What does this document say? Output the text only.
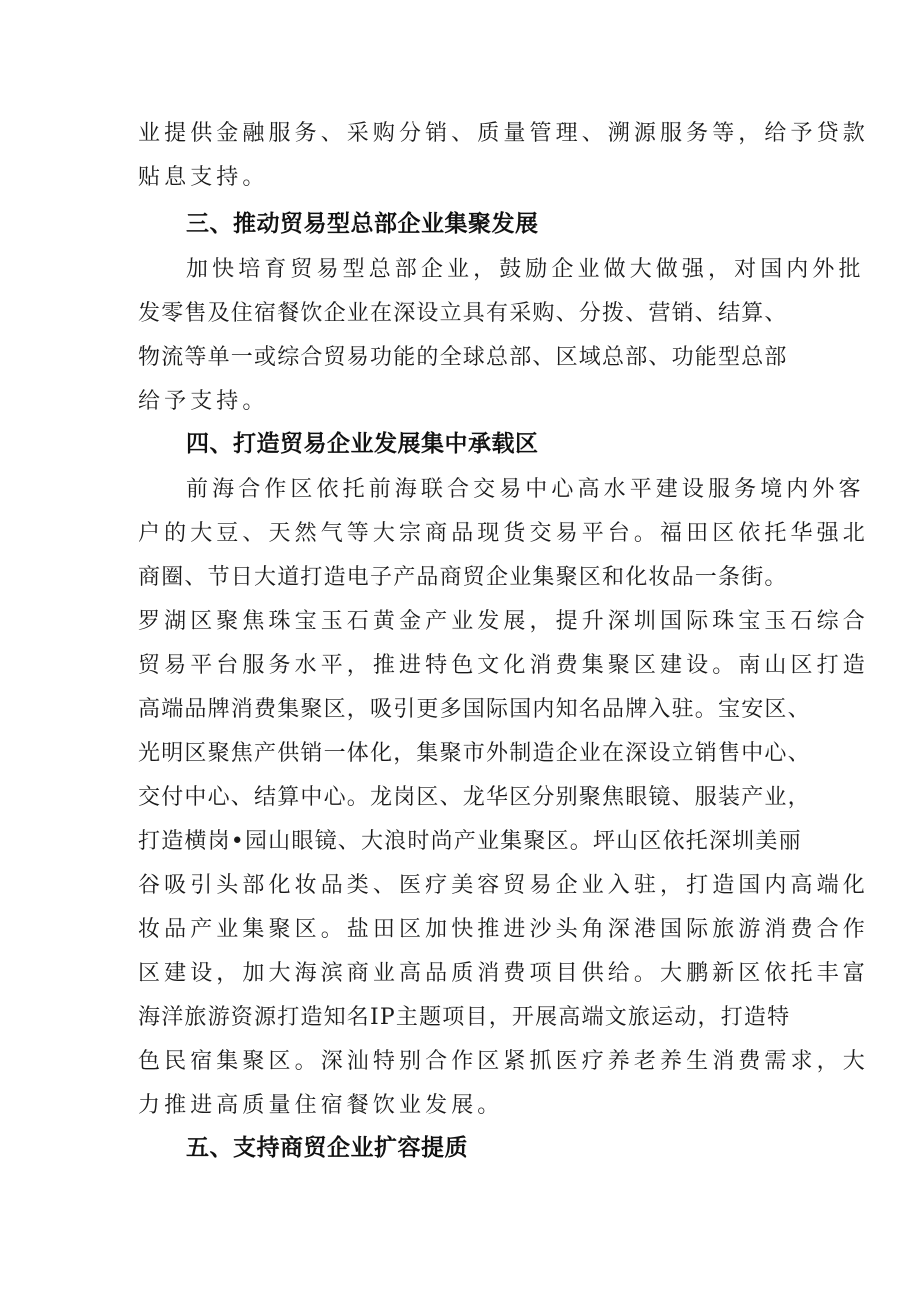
业提供金融服务、采购分销、质量管理、溯源服务等，给予贷款
贴息支持。
三、推动贸易型总部企业集聚发展
加快培育贸易型总部企业，鼓励企业做大做强，对国内外批
发零售及住宿餐饮企业在深设立具有采购、分拨、营销、结算、
物流等单一或综合贸易功能的全球总部、区域总部、功能型总部
给予支持。
四、打造贸易企业发展集中承载区
前海合作区依托前海联合交易中心高水平建设服务境内外客
户的大豆、天然气等大宗商品现货交易平台。福田区依托华强北
商圈、节日大道打造电子产品商贸企业集聚区和化妆品一条街。
罗湖区聚焦珠宝玉石黄金产业发展，提升深圳国际珠宝玉石综合
贸易平台服务水平，推进特色文化消费集聚区建设。南山区打造
高端品牌消费集聚区，吸引更多国际国内知名品牌入驻。宝安区、
光明区聚焦产供销一体化，集聚市外制造企业在深设立销售中心、
交付中心、结算中心。龙岗区、龙华区分别聚焦眼镜、服装产业，
打造横岗•园山眼镜、大浪时尚产业集聚区。坪山区依托深圳美丽
谷吸引头部化妆品类、医疗美容贸易企业入驻，打造国内高端化
妆品产业集聚区。盐田区加快推进沙头角深港国际旅游消费合作
区建设，加大海滨商业高品质消费项目供给。大鹏新区依托丰富
海洋旅游资源打造知名IP主题项目，开展高端文旅运动，打造特
色民宿集聚区。深汕特别合作区紧抓医疗养老养生消费需求，大
力推进高质量住宿餐饮业发展。
五、支持商贸企业扩容提质
